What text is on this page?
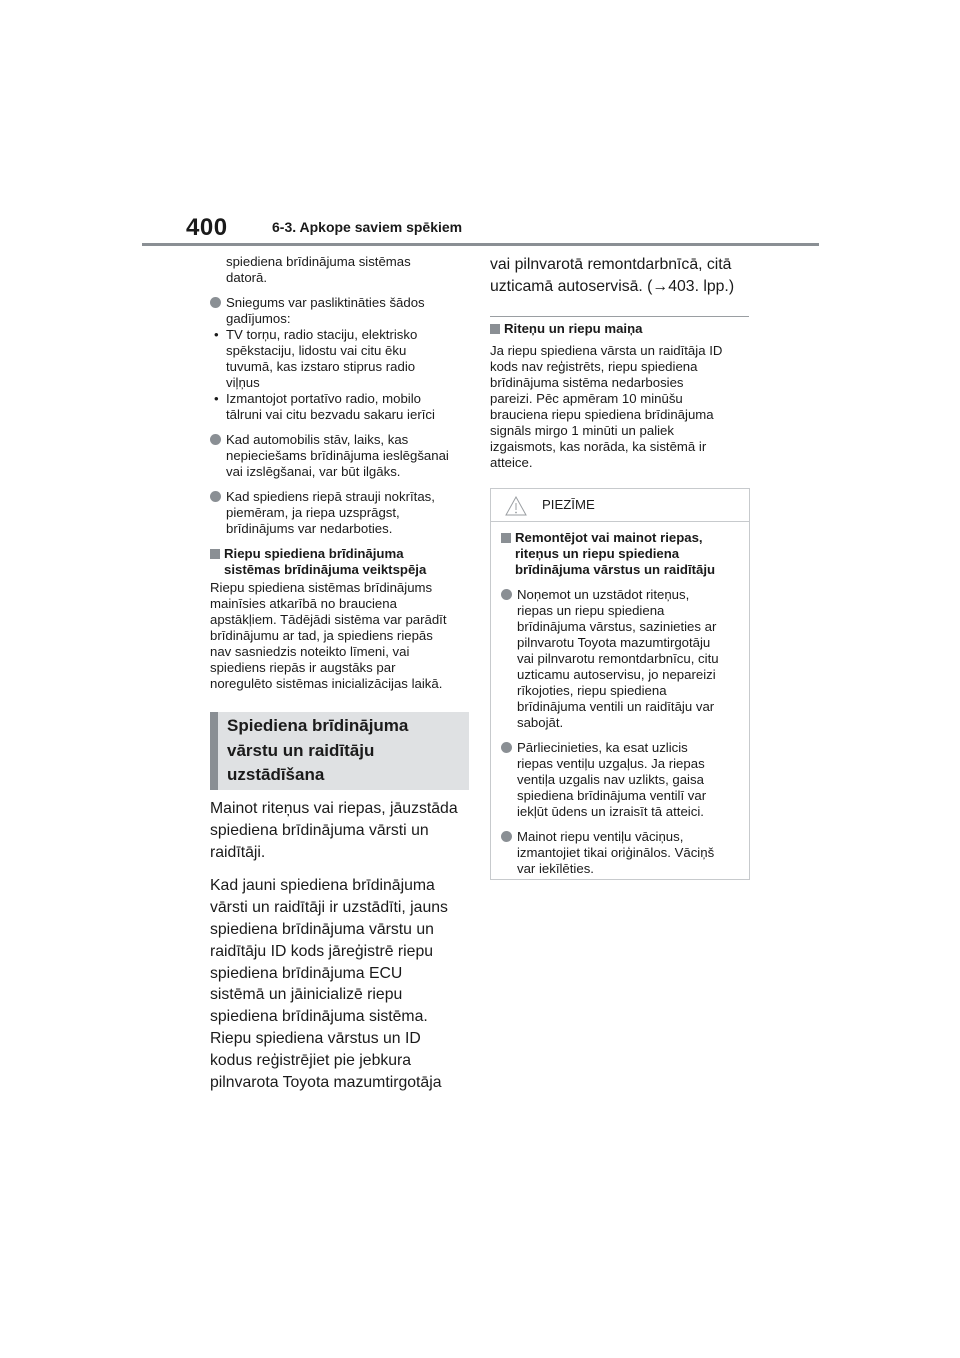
400	6-3. Apkope saviem spēkiem

spiediena brīdinājuma sistēmas

datorā.

Sniegums var pasliktināties šādos

gadījumos:

• TV torņu, radio staciju, elektrisko

spēkstaciju, lidostu vai citu ēku

tuvumā, kas izstaro stiprus radio

viļņus

• Izmantojot portatīvo radio, mobilo

tālruni vai citu bezvadu sakaru ierīci

Kad automobilis stāv, laiks, kas

nepieciešams brīdinājuma ieslēgšanai

vai izslēgšanai, var būt ilgāks.

Kad spiediens riepā strauji nokrītas,

piemēram, ja riepa uzsprāgst,

brīdinājums var nedarboties.

Riepu spiediena brīdinājuma
sistēmas brīdinājuma veiktspēja
Riepu spiediena sistēmas brīdinājums
mainīsies atkarībā no brauciena
apstākļiem. Tādējādi sistēma var parādīt
brīdinājumu ar tad, ja spiediens riepās
nav sasniedzis noteikto līmeni, vai
spiediens riepās ir augstāks par
noregulēto sistēmas inicializācijas laikā.
Spiediena brīdinājuma
vārstu un raidītāju
uzstādīšana

Mainot riteņus vai riepas, jāuzstāda
spiediena brīdinājuma vārsti un
raidītāji.

Kad jauni spiediena brīdinājuma
vārsti un raidītāji ir uzstādīti, jauns
spiediena brīdinājuma vārstu un
raidītāju ID kods jāreģistrē riepu
spiediena brīdinājuma ECU
sistēmā un jāinicializē riepu
spiediena brīdinājuma sistēma.
Riepu spiediena vārstus un ID
kodus reģistrējiet pie jebkura
pilnvarota Toyota mazumtirgotāja

vai pilnvarotā remontdarbnīcā, citā
uzticamā autoservisā. (→403. lpp.)

Riteņu un riepu maiņa
Ja riepu spiediena vārsta un raidītāja ID
kods nav reģistrēts, riepu spiediena
brīdinājuma sistēma nedarbosies
pareizi. Pēc apmēram 10 minūšu
brauciena riepu spiediena brīdinājuma
signāls mirgo 1 minūti un paliek
izgaismots, kas norāda, ka sistēmā ir
atteice.
PIEZĪME
Remontējot vai mainot riepas,
riteņus un riepu spiediena
brīdinājuma vārstus un raidītāju

Noņemot un uzstādot riteņus,

riepas un riepu spiediena

brīdinājuma vārstus, sazinieties ar

pilnvarotu Toyota mazumtirgotāju

vai pilnvarotu remontdarbnīcu, citu

uzticamu autoservisu, jo nepareizi

rīkojoties, riepu spiediena

brīdinājuma ventili un raidītāju var

sabojāt.

Pārliecinieties, ka esat uzlicis

riepas ventiļu uzgaļus. Ja riepas

ventiļa uzgalis nav uzlikts, gaisa

spiediena brīdinājuma ventilī var

iekļūt ūdens un izraisīt tā atteici.

Mainot riepu ventiļu vāciņus,

izmantojiet tikai oriģinālos. Vāciņš

var iekīlēties.
